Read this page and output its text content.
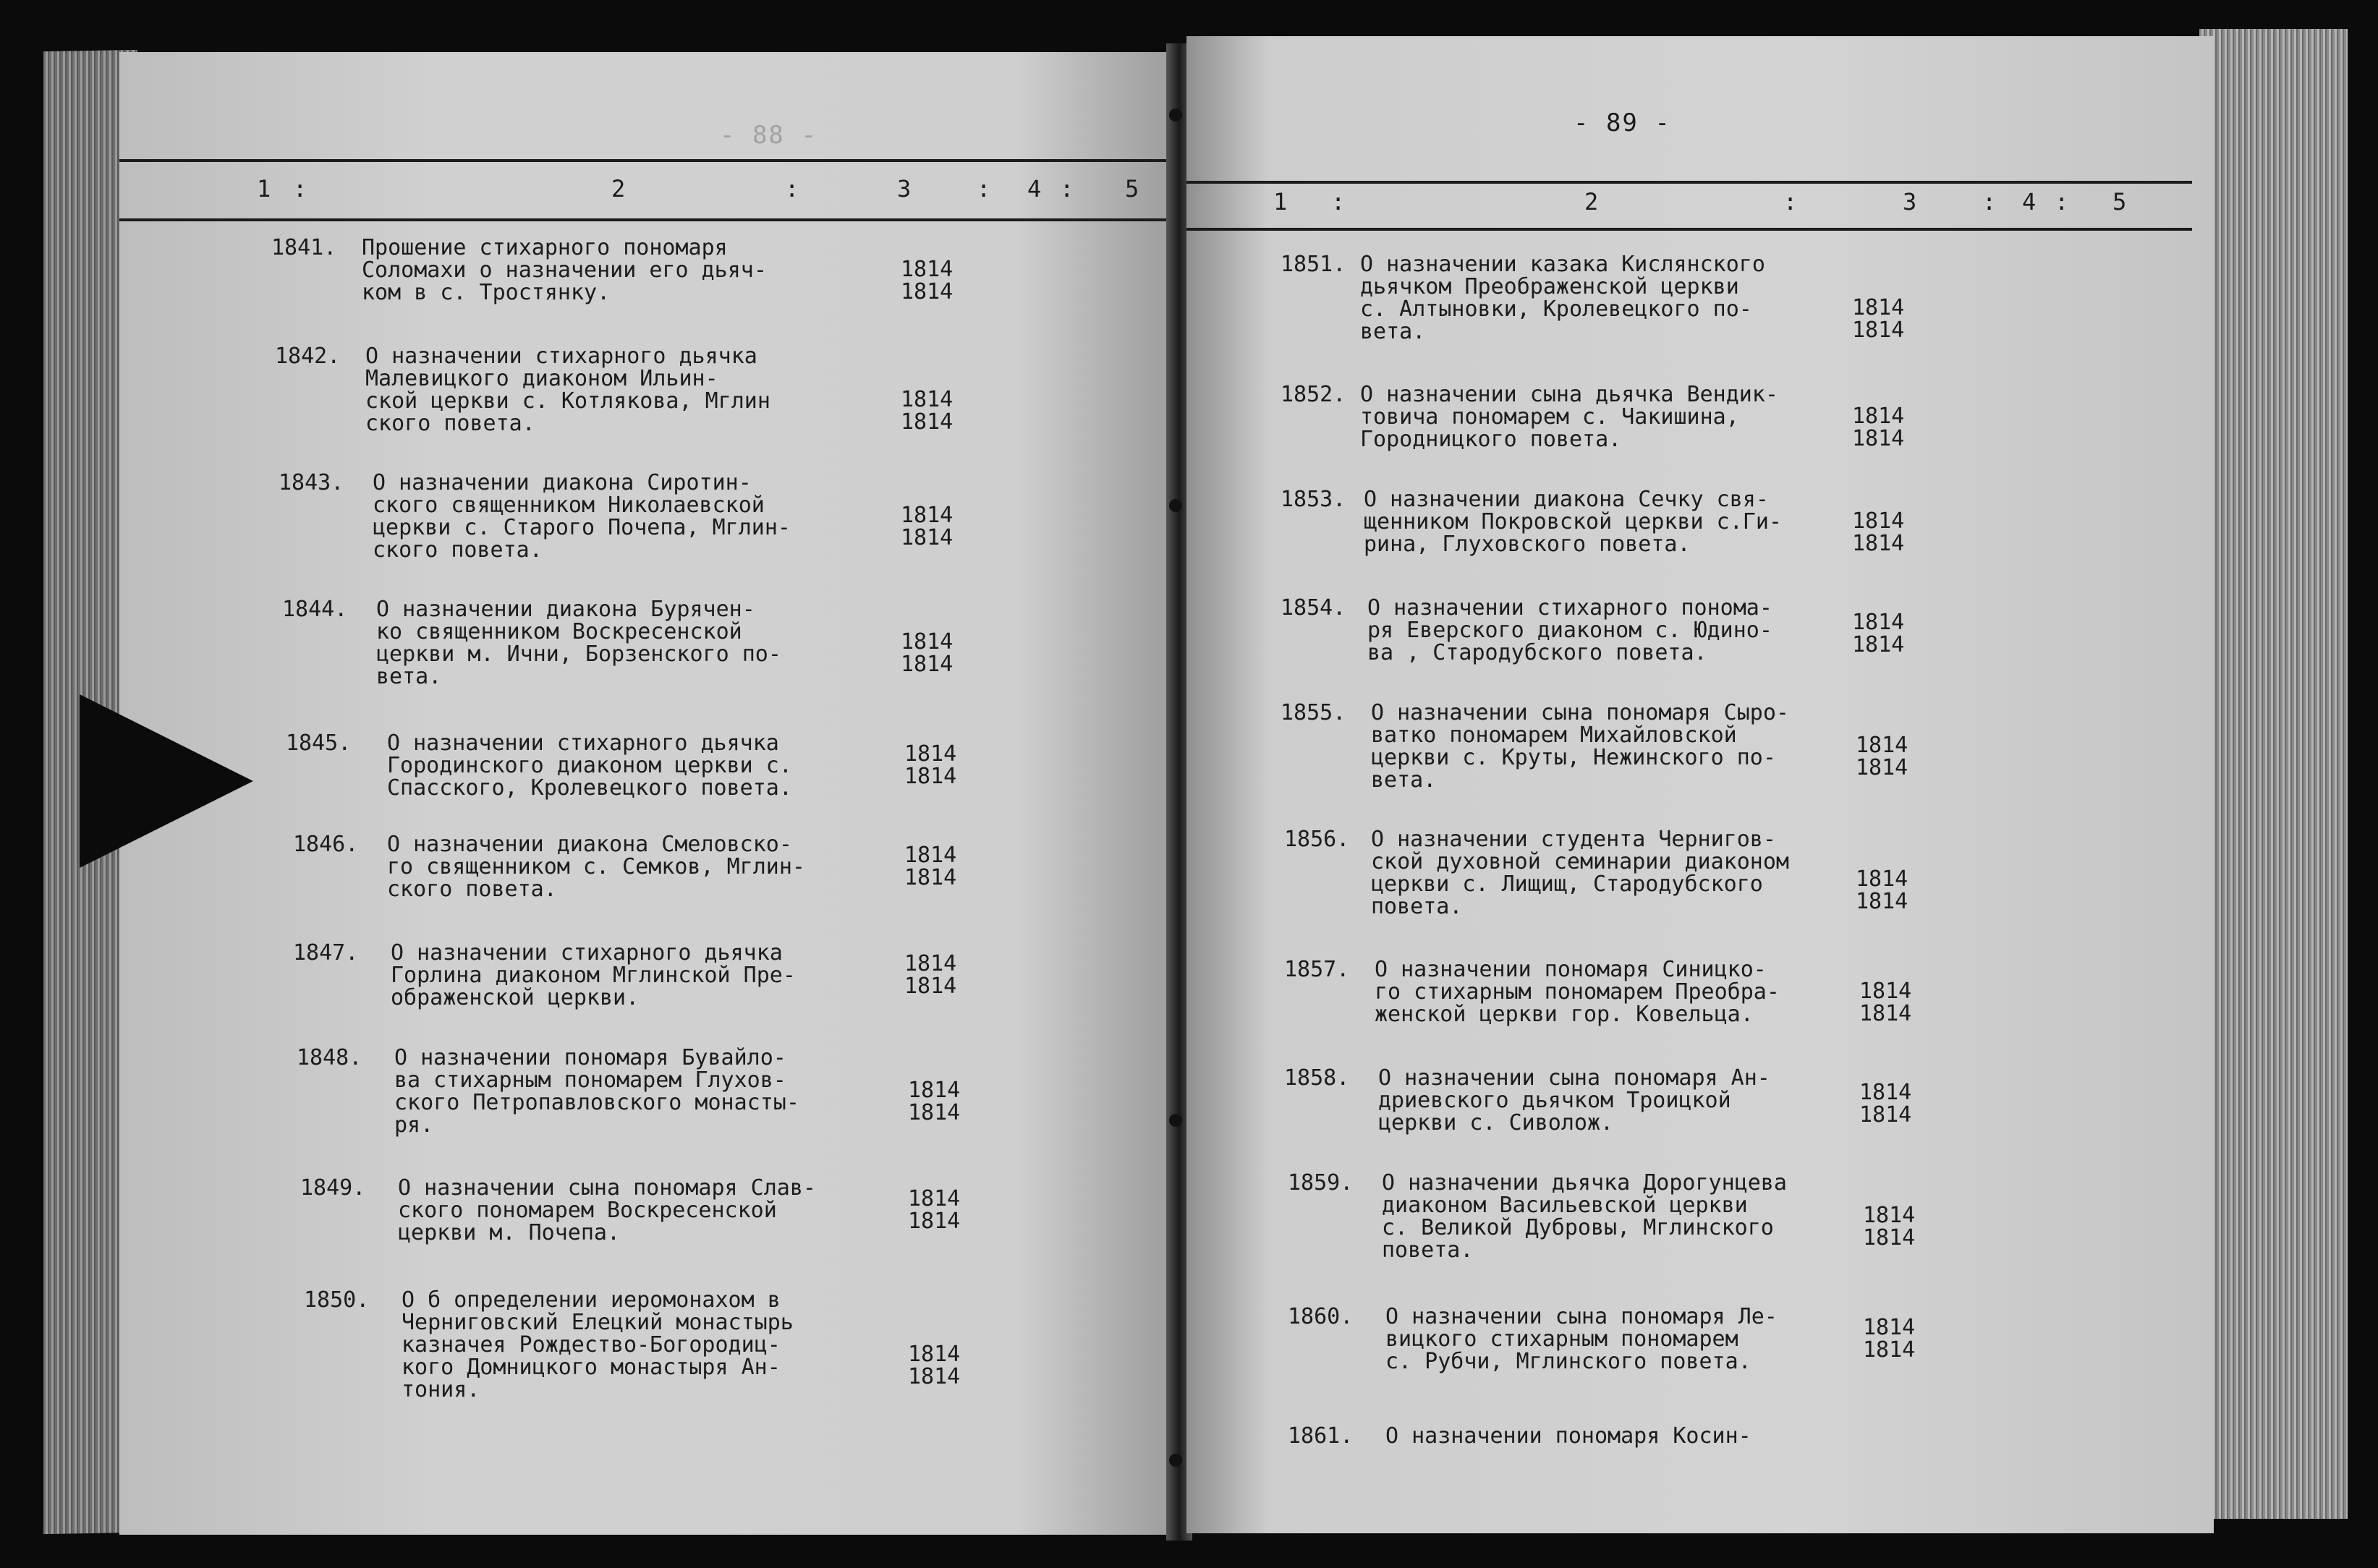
- 88 -
1 :	2	:	3	: 4 : 5
1841. Прошение стихарного пономаря
Соломахи о назначении его дьяч-
ком в с. Тростянку.
1814
1814
1842. О назначении стихарного дьячка
Малевицкого диаконом Ильин-
ской церкви с. Котлякова, Мглин
ского повета.
1814
1814
1843. О назначении диакона Сиротин-
ского священником Николаевской
церкви с. Старого Почепа, Мглин-
ского повета.
1814
1814
1844. О назначении диакона Бурячен-
ко священником Воскресенской
церкви м. Ични, Борзенского по-
вета.
1814
1814
1845. О назначении стихарного дьячка
Городинского диаконом церкви с.
Спасского, Кролевецкого повета.
1814
1814
1846. О назначении диакона Смеловско-
го священником с. Семков, Мглин-
ского повета.
1814
1814
1847. О назначении стихарного дьячка
Горлина диаконом Мглинской Пре-
ображенской церкви.
1814
1814
1848. О назначении пономаря Бувайло-
ва стихарным пономарем Глухов-
ского Петропавловского монасты-
ря.
1814
1814
1849. О назначении сына пономаря Слав-
ского пономарем Воскресенской
церкви м. Почепа.
1814
1814
1850. О б определении иеромонахом в
Черниговский Елецкий монастырь
казначея Рождество-Богородиц-
кого Домницкого монастыря Ан-
тония.
1814
1814
- 89 -
1 :	2	:	3	: 4 : 5
1851. О назначении казака Кислянского
дьячком Преображенской церкви
с. Алтыновки, Кролевецкого по-
вета.
1814
1814
1852. О назначении сына дьячка Вендик-
товича пономарем с. Чакишина,
Городницкого повета.
1814
1814
1853. О назначении диакона Сечку свя-
щенником Покровской церкви с.Ги-
рина, Глуховского повета.
1814
1814
1854. О назначении стихарного понома-
ря Еверского диаконом с. Юдино-
ва , Стародубского повета.
1814
1814
1855. О назначении сына пономаря Сыро-
ватко пономарем Михайловской
церкви с. Круты, Нежинского по-
вета.
1814
1814
1856. О назначении студента Чернигов-
ской духовной семинарии диаконом
церкви с. Лищищ, Стародубского
повета.
1814
1814
1857. О назначении пономаря Синицко-
го стихарным пономарем Преобра-
женской церкви гор. Ковельца.
1814
1814
1858. О назначении сына пономаря Ан-
дриевского дьячком Троицкой
церкви с. Сиволож.
1814
1814
1859. О назначении дьячка Дорогунцева
диаконом Васильевской церкви
с. Великой Дубровы, Мглинского
повета.
1814
1814
1860. О назначении сына пономаря Ле-
вицкого стихарным пономарем
с. Рубчи, Мглинского повета.
1814
1814
1861. О назначении пономаря Косин-
